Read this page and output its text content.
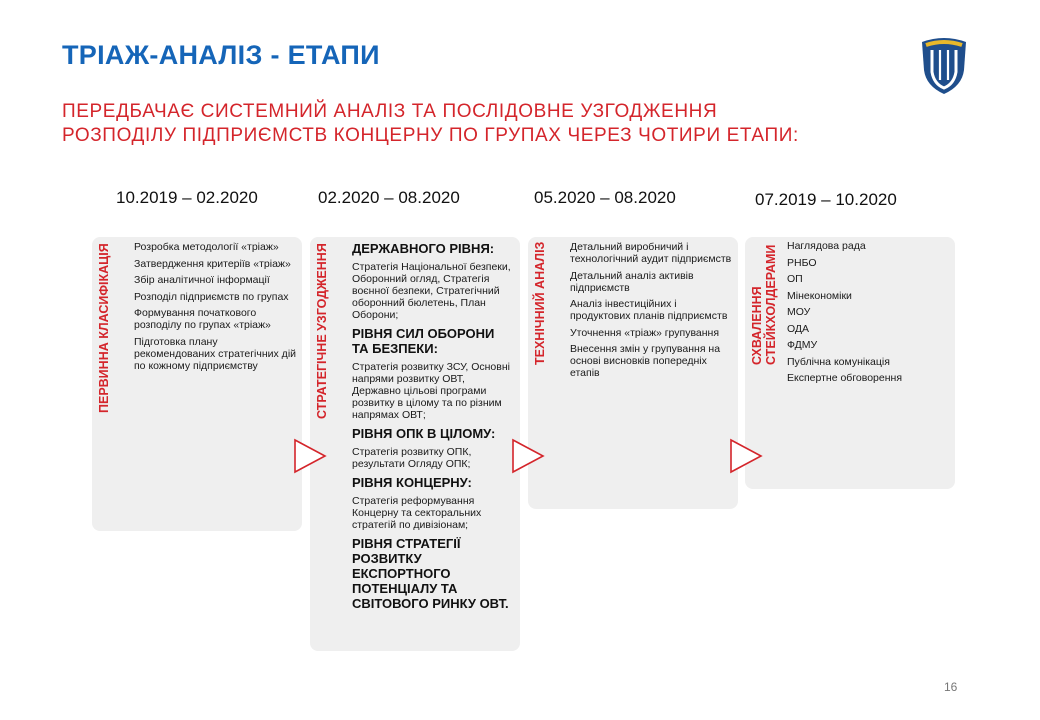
ТРІАЖ-АНАЛІЗ - ЕТАПИ
ПЕРЕДБАЧАЄ СИСТЕМНИЙ АНАЛІЗ ТА ПОСЛІДОВНЕ УЗГОДЖЕННЯ
РОЗПОДІЛУ ПІДПРИЄМСТВ КОНЦЕРНУ ПО ГРУПАХ ЧЕРЕЗ ЧОТИРИ ЕТАПИ:
10.2019 – 02.2020	02.2020 – 08.2020	05.2020 – 08.2020	07.2019 – 10.2020
ПЕРВИННА КЛАСИФІКАЦІЯ Розробка методології «тріаж»
Затвердження критеріїв «тріаж»
Збір аналітичної інформації
Розподіл підприємств по групах
Формування початкового розподілу по групах «тріаж»
Підготовка плану рекомендованих стратегічних дій по кожному підприємству	СТРАТЕГІЧНЕ УЗГОДЖЕННЯ ДЕРЖАВНОГО РІВНЯ:
Стратегія Національної безпеки, Оборонний огляд, Стратегія воєнної безпеки, Стратегічний оборонний бюлетень, План Оборони;
РІВНЯ СИЛ ОБОРОНИ ТА БЕЗПЕКИ:
Стратегія розвитку ЗСУ, Основні напрями розвитку ОВТ, Державно цільові програми розвитку в цілому та по різним напрямах ОВТ;
РІВНЯ ОПК В ЦІЛОМУ:
Стратегія розвитку ОПК, результати Огляду ОПК;
РІВНЯ КОНЦЕРНУ:
Стратегія реформування Концерну та секторальних стратегій по дивізіонам;
РІВНЯ СТРАТЕГІЇ РОЗВИТКУ ЕКСПОРТНОГО ПОТЕНЦІАЛУ ТА СВІТОВОГО РИНКУ ОВТ.
ТЕХНІЧНИЙ АНАЛІЗ Детальний виробничий і технологічний аудит підприємств
Детальний аналіз активів підприємств
Аналіз інвестиційних і продуктових планів підприємств
Уточнення «тріаж» групування
Внесення змін у групування на основі висновків попередніх етапів
СХВАЛЕННЯ СТЕЙКХОЛДЕРАМИ Наглядова рада
РНБО
ОП
Мінекономіки
МОУ
ОДА
ФДМУ
Публічна комунікація
Експертне обговорення
16
